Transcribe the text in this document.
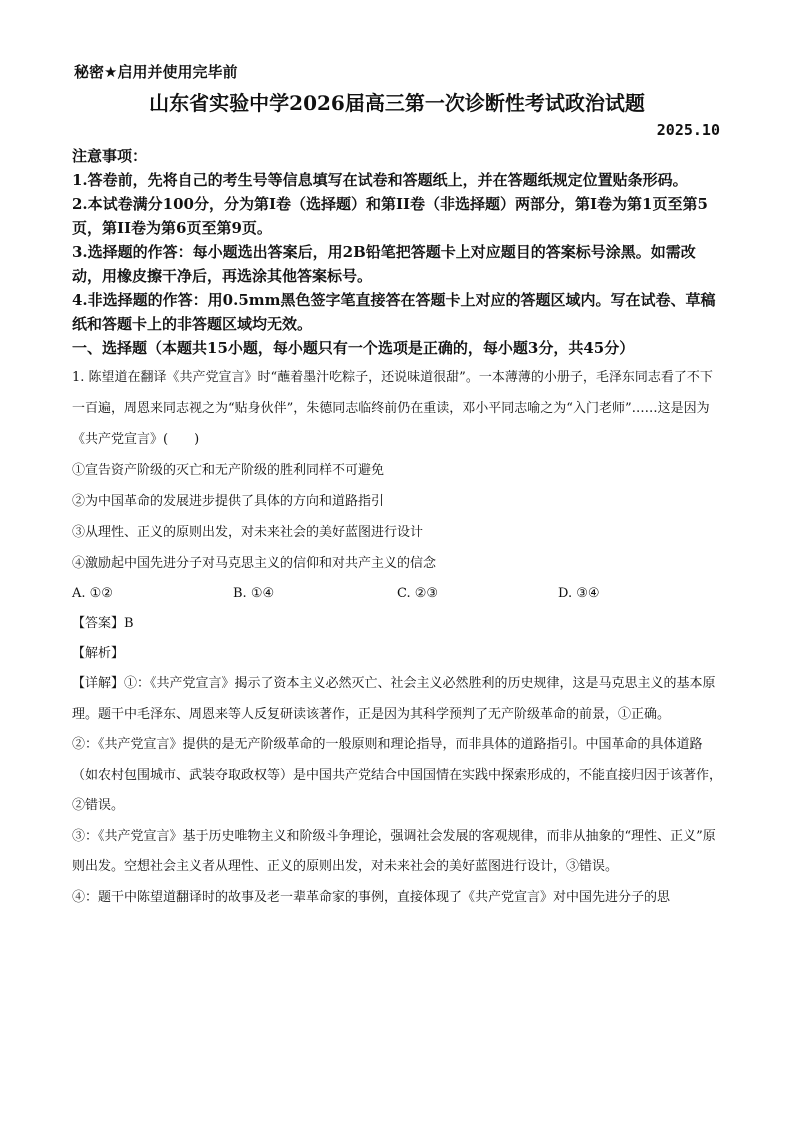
秘密★启用并使用完毕前
山东省实验中学2026届高三第一次诊断性考试政治试题
2025.10

注意事项：

1.答卷前，先将自己的考生号等信息填写在试卷和答题纸上，并在答题纸规定位置贴条形码。

2.本试卷满分100分，分为第I卷（选择题）和第II卷（非选择题）两部分，第I卷为第1页至第5页，第II卷为第6页至第9页。

3.选择题的作答：每小题选出答案后，用2B铅笔把答题卡上对应题目的答案标号涂黑。如需改动，用橡皮擦干净后，再选涂其他答案标号。

4.非选择题的作答：用0.5mm黑色签字笔直接答在答题卡上对应的答题区域内。写在试卷、草稿纸和答题卡上的非答题区域均无效。

一、选择题（本题共15小题，每小题只有一个选项是正确的，每小题3分，共45分）

1. 陈望道在翻译《共产党宣言》时“蘸着墨汁吃粽子，还说味道很甜”。一本薄薄的小册子，毛泽东同志看了不下一百遍，周恩来同志视之为“贴身伙伴”，朱德同志临终前仍在重读，邓小平同志喻之为“入门老师”……这是因为《共产党宣言》(　　)

①宣告资产阶级的灭亡和无产阶级的胜利同样不可避免

②为中国革命的发展进步提供了具体的方向和道路指引

③从理性、正义的原则出发，对未来社会的美好蓝图进行设计

④激励起中国先进分子对马克思主义的信仰和对共产主义的信念

A. ①②	B. ①④	C. ②③	D. ③④
【答案】B
【解析】

【详解】①：《共产党宣言》揭示了资本主义必然灭亡、社会主义必然胜利的历史规律，这是马克思主义的基本原理。题干中毛泽东、周恩来等人反复研读该著作，正是因为其科学预判了无产阶级革命的前景，①正确。

②：《共产党宣言》提供的是无产阶级革命的一般原则和理论指导，而非具体的道路指引。中国革命的具体道路（如农村包围城市、武装夺取政权等）是中国共产党结合中国国情在实践中探索形成的，不能直接归因于该著作，②错误。

③：《共产党宣言》基于历史唯物主义和阶级斗争理论，强调社会发展的客观规律，而非从抽象的“理性、正义”原则出发。空想社会主义者从理性、正义的原则出发，对未来社会的美好蓝图进行设计，③错误。

④：题干中陈望道翻译时的故事及老一辈革命家的事例，直接体现了《共产党宣言》对中国先进分子的思
